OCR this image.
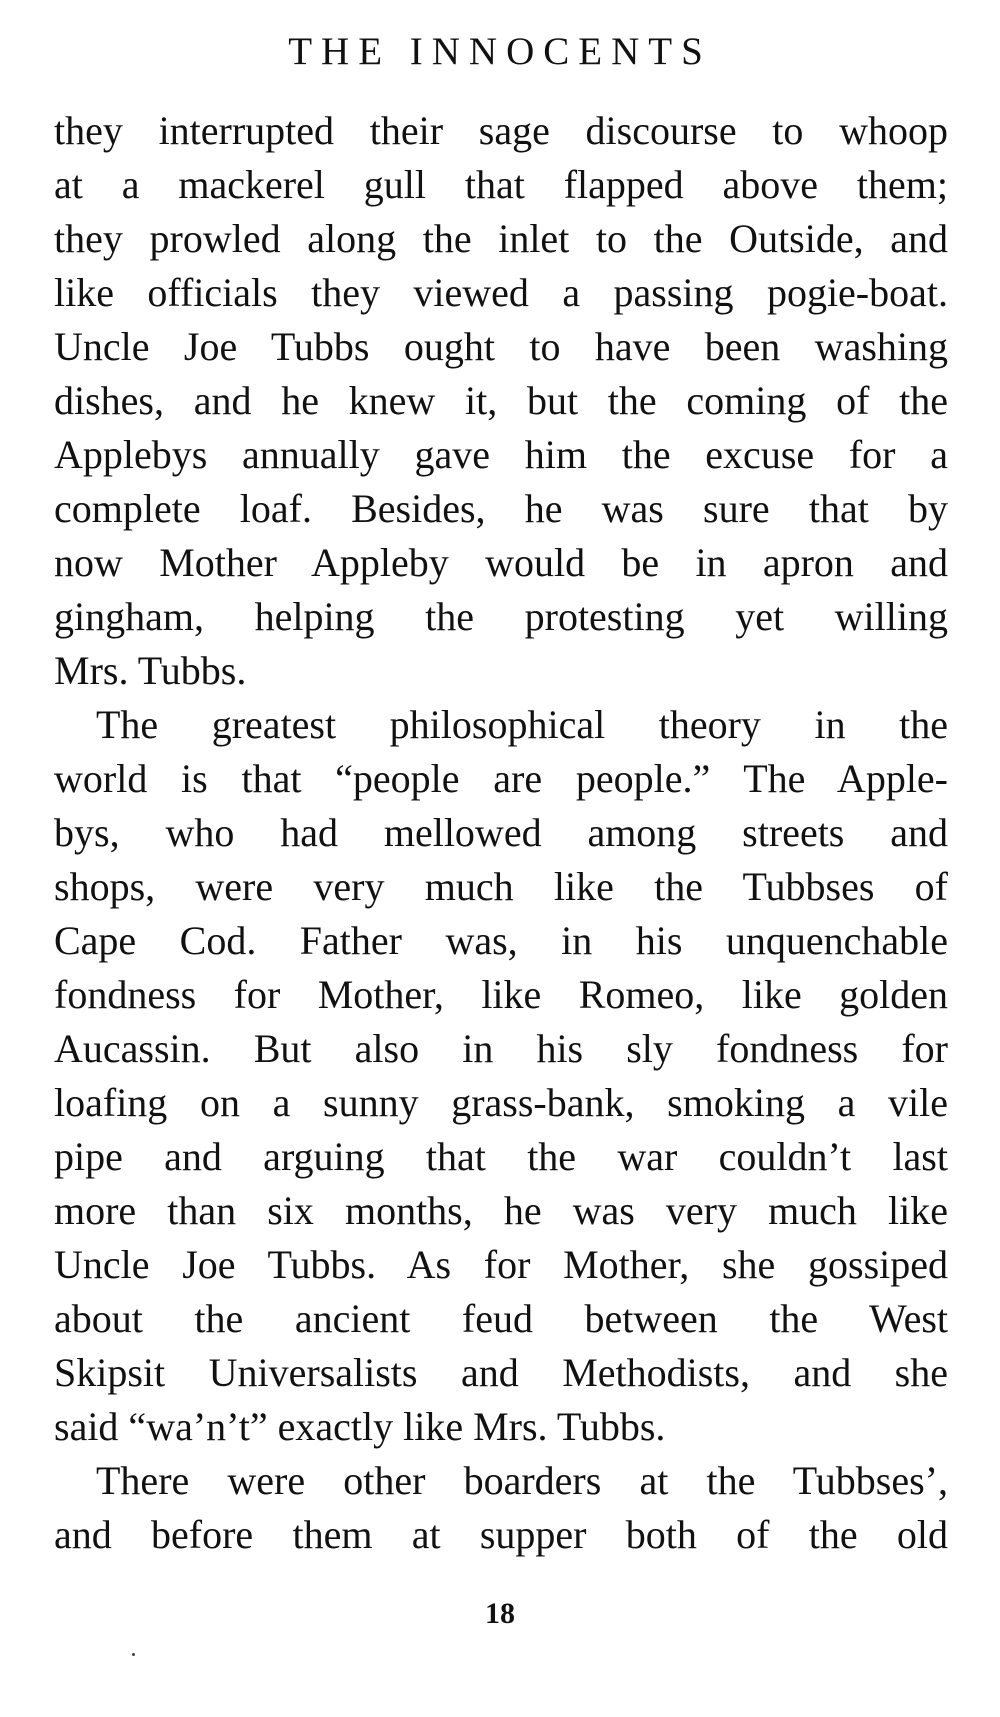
THE INNOCENTS
they interrupted their sage discourse to whoop
at a mackerel gull that flapped above them;
they prowled along the inlet to the Outside, and
like officials they viewed a passing pogie-boat.
Uncle Joe Tubbs ought to have been washing
dishes, and he knew it, but the coming of the
Applebys annually gave him the excuse for a
complete loaf. Besides, he was sure that by
now Mother Appleby would be in apron and
gingham, helping the protesting yet willing
Mrs. Tubbs.
The greatest philosophical theory in the
world is that “people are people.” The Apple-
bys, who had mellowed among streets and
shops, were very much like the Tubbses of
Cape Cod. Father was, in his unquenchable
fondness for Mother, like Romeo, like golden
Aucassin. But also in his sly fondness for
loafing on a sunny grass-bank, smoking a vile
pipe and arguing that the war couldn’t last
more than six months, he was very much like
Uncle Joe Tubbs. As for Mother, she gossiped
about the ancient feud between the West
Skipsit Universalists and Methodists, and she
said “wa’n’t” exactly like Mrs. Tubbs.
There were other boarders at the Tubbses’,
and before them at supper both of the old
18
